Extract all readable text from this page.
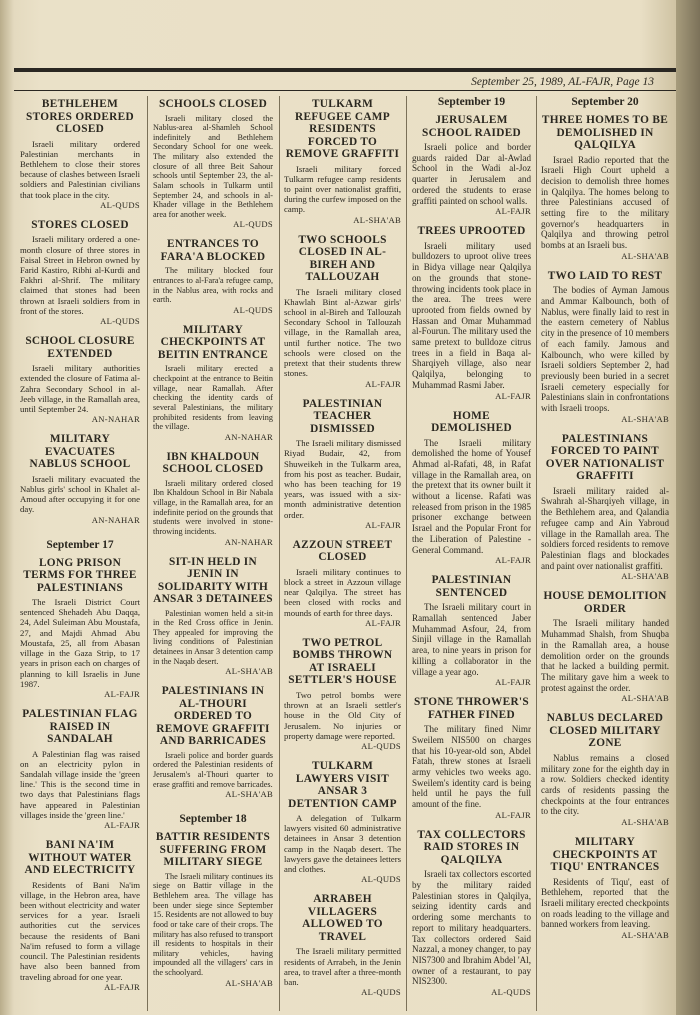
September 25, 1989, AL-FAJR, Page 13
BETHLEHEM STORES ORDERED CLOSED

Israeli military ordered Palestinian merchants in Bethlehem to close their stores because of clashes between Israeli soldiers and Palestinian civilians that took place in the city.

AL-QUDS
STORES CLOSED

Israeli military ordered a one-month closure of three stores in Faisal Street in Hebron owned by Farid Kastiro, Ribhi al-Kurdi and Fakhri al-Shrif. The military claimed that stones had been thrown at Israeli soldiers from in front of the stores.

AL-QUDS
SCHOOL CLOSURE EXTENDED

Israeli military authorities extended the closure of Fatima al-Zahra Secondary School in al-Jeeb village, in the Ramallah area, until September 24.

AN-NAHAR
MILITARY EVACUATES NABLUS SCHOOL

Israeli military evacuated the Nablus girls' school in Khalet al-Amoud after occupying it for one day.

AN-NAHAR
September 17
LONG PRISON TERMS FOR THREE PALESTINIANS

The Israeli District Court sentenced Shehadeh Abu Daqqa, 24, Adel Suleiman Abu Moustafa, 27, and Majdi Ahmad Abu Moustafa, 25, all from Abasan village in the Gaza Strip, to 17 years in prison each on charges of planning to kill Israelis in June 1987.

AL-FAJR
PALESTINIAN FLAG RAISED IN SANDALAH

A Palestinian flag was raised on an electricity pylon in Sandalah village inside the 'green line.' This is the second time in two days that Palestinians flags have appeared in Palestinian villages inside the 'green line.'

AL-FAJR
BANI NA'IM WITHOUT WATER AND ELECTRICITY

Residents of Bani Na'im village, in the Hebron area, have been without electricity and water services for a year. Israeli authorities cut the services because the residents of Bani Na'im refused to form a village council. The Palestinian residents have also been banned from traveling abroad for one year.

AL-FAJR
SCHOOLS CLOSED

Israeli military closed the Nablus-area al-Shamleh School indefinitely and Bethlehem Secondary School for one week. The military also extended the closure of all three Beit Sahour schools until September 23, the al-Salam schools in Tulkarm until September 24, and schools in al-Khader village in the Bethlehem area for another week.

AL-QUDS
ENTRANCES TO FARA'A BLOCKED

The military blocked four entrances to al-Fara'a refugee camp, in the Nablus area, with rocks and earth.

AL-QUDS
MILITARY CHECKPOINTS AT BEITIN ENTRANCE

Israeli military erected a checkpoint at the entrance to Beitin village, near Ramallah. After checking the identity cards of several Palestinians, the military prohibited residents from leaving the village.

AN-NAHAR
IBN KHALDOUN SCHOOL CLOSED

Israeli military ordered closed Ibn Khaldoun School in Bir Nabala village, in the Ramallah area, for an indefinite period on the grounds that students were involved in stone-throwing incidents.

AN-NAHAR
SIT-IN HELD IN JENIN IN SOLIDARITY WITH ANSAR 3 DETAINEES

Palestinian women held a sit-in in the Red Cross office in Jenin. They appealed for improving the living conditions of Palestinian detainees in Ansar 3 detention camp in the Naqab desert.

AL-SHA'AB
PALESTINIANS IN AL-THOURI ORDERED TO REMOVE GRAFFITI AND BARRICADES

Israeli police and border guards ordered the Palestinian residents of Jerusalem's al-Thouri quarter to erase graffiti and remove barricades.

AL-SHA'AB
September 18
BATTIR RESIDENTS SUFFERING FROM MILITARY SIEGE

The Israeli military continues its siege on Battir village in the Bethlehem area. The village has been under siege since September 15. Residents are not allowed to buy food or take care of their crops. The military has also refused to transport ill residents to hospitals in their military vehicles, having impounded all the villagers' cars in the schoolyard.

AL-SHA'AB
TULKARM REFUGEE CAMP RESIDENTS FORCED TO REMOVE GRAFFITI

Israeli military forced Tulkarm refugee camp residents to paint over nationalist graffiti, during the curfew imposed on the camp.

AL-SHA'AB
TWO SCHOOLS CLOSED IN AL-BIREH AND TALLOUZAH

The Israeli military closed Khawlah Bint al-Azwar girls' school in al-Bireh and Tallouzah Secondary School in Tallouzah village, in the Ramallah area, until further notice. The two schools were closed on the pretext that their students threw stones.

AL-FAJR
PALESTINIAN TEACHER DISMISSED

The Israeli military dismissed Riyad Budair, 42, from Shuweikeh in the Tulkarm area, from his post as teacher. Budair, who has been teaching for 19 years, was issued with a six-month administrative detention order.

AL-FAJR
AZZOUN STREET CLOSED

Israeli military continues to block a street in Azzoun village near Qalqilya. The street has been closed with rocks and mounds of earth for three days.

AL-FAJR
TWO PETROL BOMBS THROWN AT ISRAELI SETTLER'S HOUSE

Two petrol bombs were thrown at an Israeli settler's house in the Old City of Jerusalem. No injuries or property damage were reported.

AL-QUDS
TULKARM LAWYERS VISIT ANSAR 3 DETENTION CAMP

A delegation of Tulkarm lawyers visited 60 administrative detainees in Ansar 3 detention camp in the Naqab desert. The lawyers gave the detainees letters and clothes.

AL-QUDS
ARRABEH VILLAGERS ALLOWED TO TRAVEL

The Israeli military permitted residents of Arrabeh, in the Jenin area, to travel after a three-month ban.

AL-QUDS
September 19
JERUSALEM SCHOOL RAIDED

Israeli police and border guards raided Dar al-Awlad School in the Wadi al-Joz quarter in Jerusalem and ordered the students to erase graffiti painted on school walls.

AL-FAJR
TREES UPROOTED

Israeli military used bulldozers to uproot olive trees in Bidya village near Qalqilya on the grounds that stone-throwing incidents took place in the area. The trees were uprooted from fields owned by Hassan and Omar Muhammad al-Fourun. The military used the same pretext to bulldoze citrus trees in a field in Baqa al-Sharqiyeh village, also near Qalqilya, belonging to Muhammad Rasmi Jaber.

AL-FAJR
HOME DEMOLISHED

The Israeli military demolished the home of Yousef Ahmad al-Rafati, 48, in Rafat village in the Ramallah area, on the pretext that its owner built it without a license. Rafati was released from prison in the 1985 prisoner exchange between Israel and the Popular Front for the Liberation of Palestine - General Command.

AL-FAJR
PALESTINIAN SENTENCED

The Israeli military court in Ramallah sentenced Jaber Muhammad Asfour, 24, from Sinjil village in the Ramallah area, to nine years in prison for killing a collaborator in the village a year ago.

AL-FAJR
STONE THROWER'S FATHER FINED

The military fined Nimr Sweilem NIS500 on charges that his 10-year-old son, Abdel Fatah, threw stones at Israeli army vehicles two weeks ago. Sweilem's identity card is being held until he pays the full amount of the fine.

AL-FAJR
TAX COLLECTORS RAID STORES IN QALQILYA

Israeli tax collectors escorted by the military raided Palestinian stores in Qalqilya, seizing identity cards and ordering some merchants to report to military headquarters. Tax collectors ordered Said Nazzal, a money changer, to pay NIS7300 and Ibrahim Abdel 'Al, owner of a restaurant, to pay NIS2300.

AL-QUDS
September 20
THREE HOMES TO BE DEMOLISHED IN QALQILYA

Israel Radio reported that the Israeli High Court upheld a decision to demolish three homes in Qalqilya. The homes belong to three Palestinians accused of setting fire to the military governor's headquarters in Qalqilya and throwing petrol bombs at an Israeli bus.

AL-SHA'AB
TWO LAID TO REST

The bodies of Ayman Jamous and Ammar Kalbounch, both of Nablus, were finally laid to rest in the eastern cemetery of Nablus city in the presence of 10 members of each family. Jamous and Kalbounch, who were killed by Israeli soldiers September 2, had previously been buried in a secret Israeli cemetery especially for Palestinians slain in confrontations with Israeli troops.

AL-SHA'AB
PALESTINIANS FORCED TO PAINT OVER NATIONALIST GRAFFITI

Israeli military raided al-Swahrah al-Sharqiyeh village, in the Bethlehem area, and Qalandia refugee camp and Ain Yabroud village in the Ramallah area. The soldiers forced residents to remove Palestinian flags and blockades and paint over nationalist graffiti.

AL-SHA'AB
HOUSE DEMOLITION ORDER

The Israeli military handed Muhammad Shalsh, from Shuqba in the Ramallah area, a house demolition order on the grounds that he lacked a building permit. The military gave him a week to protest against the order.

AL-SHA'AB
NABLUS DECLARED CLOSED MILITARY ZONE

Nablus remains a closed military zone for the eighth day in a row. Soldiers checked identity cards of residents passing the checkpoints at the four entrances to the city.

AL-SHA'AB
MILITARY CHECKPOINTS AT TIQU' ENTRANCES

Residents of Tiqu', east of Bethlehem, reported that the Israeli military erected checkpoints on roads leading to the village and banned workers from leaving.

AL-SHA'AB
